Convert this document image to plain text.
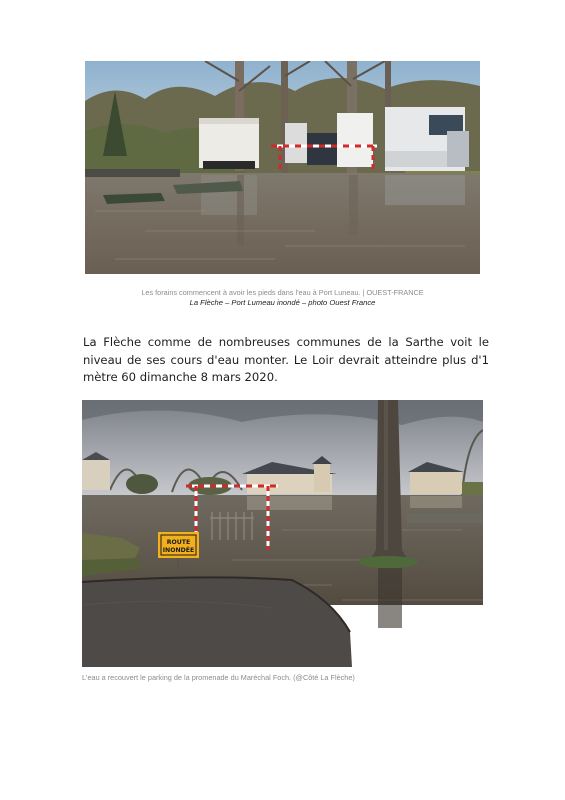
Les forains commencent à avoir les pieds dans l'eau à Port Luneau. | OUEST-FRANCE
La Flèche – Port Lumeau inondé – photo Ouest France

La Flèche comme de nombreuses communes de la Sarthe voit le niveau de ses cours d'eau monter. Le Loir devrait atteindre plus d'1 mètre 60 dimanche 8 mars 2020.

ROUTE
INONDÉE
L'eau a recouvert le parking de la promenade du Maréchal Foch. (@Côté La Flèche)
